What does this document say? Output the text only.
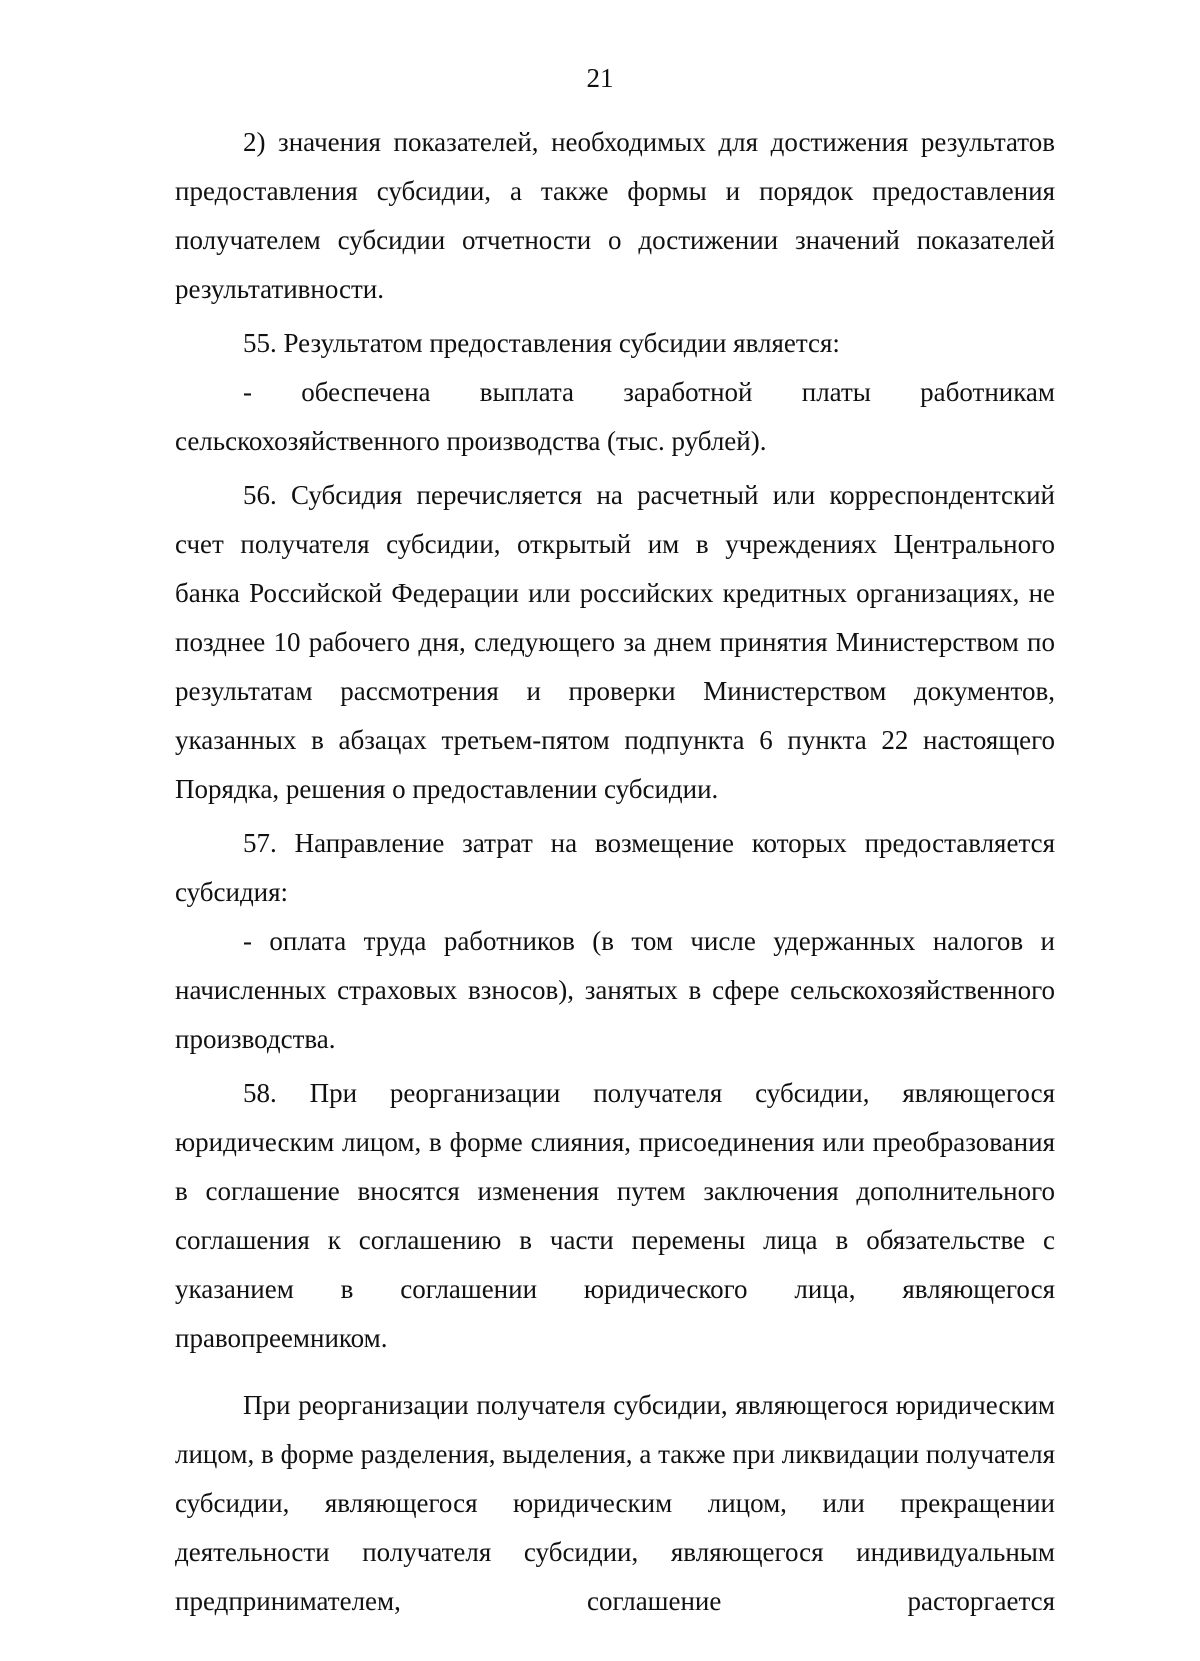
21

2) значения показателей, необходимых для достижения результатов предоставления субсидии, а также формы и порядок предоставления получателем субсидии отчетности о достижении значений показателей результативности.

55. Результатом предоставления субсидии является:

- обеспечена выплата заработной платы работникам сельскохозяйственного производства (тыс. рублей).

56. Субсидия перечисляется на расчетный или корреспондентский счет получателя субсидии, открытый им в учреждениях Центрального банка Российской Федерации или российских кредитных организациях, не позднее 10 рабочего дня, следующего за днем принятия Министерством по результатам рассмотрения и проверки Министерством документов, указанных в абзацах третьем-пятом подпункта 6 пункта 22 настоящего Порядка, решения о предоставлении субсидии.

57. Направление затрат на возмещение которых предоставляется субсидия:

- оплата труда работников (в том числе удержанных налогов и начисленных страховых взносов), занятых в сфере сельскохозяйственного производства.

58. При реорганизации получателя субсидии, являющегося юридическим лицом, в форме слияния, присоединения или преобразования в соглашение вносятся изменения путем заключения дополнительного соглашения к соглашению в части перемены лица в обязательстве с указанием в соглашении юридического лица, являющегося правопреемником.

При реорганизации получателя субсидии, являющегося юридическим лицом, в форме разделения, выделения, а также при ликвидации получателя субсидии, являющегося юридическим лицом, или прекращении деятельности получателя субсидии, являющегося индивидуальным предпринимателем, соглашение расторгается
